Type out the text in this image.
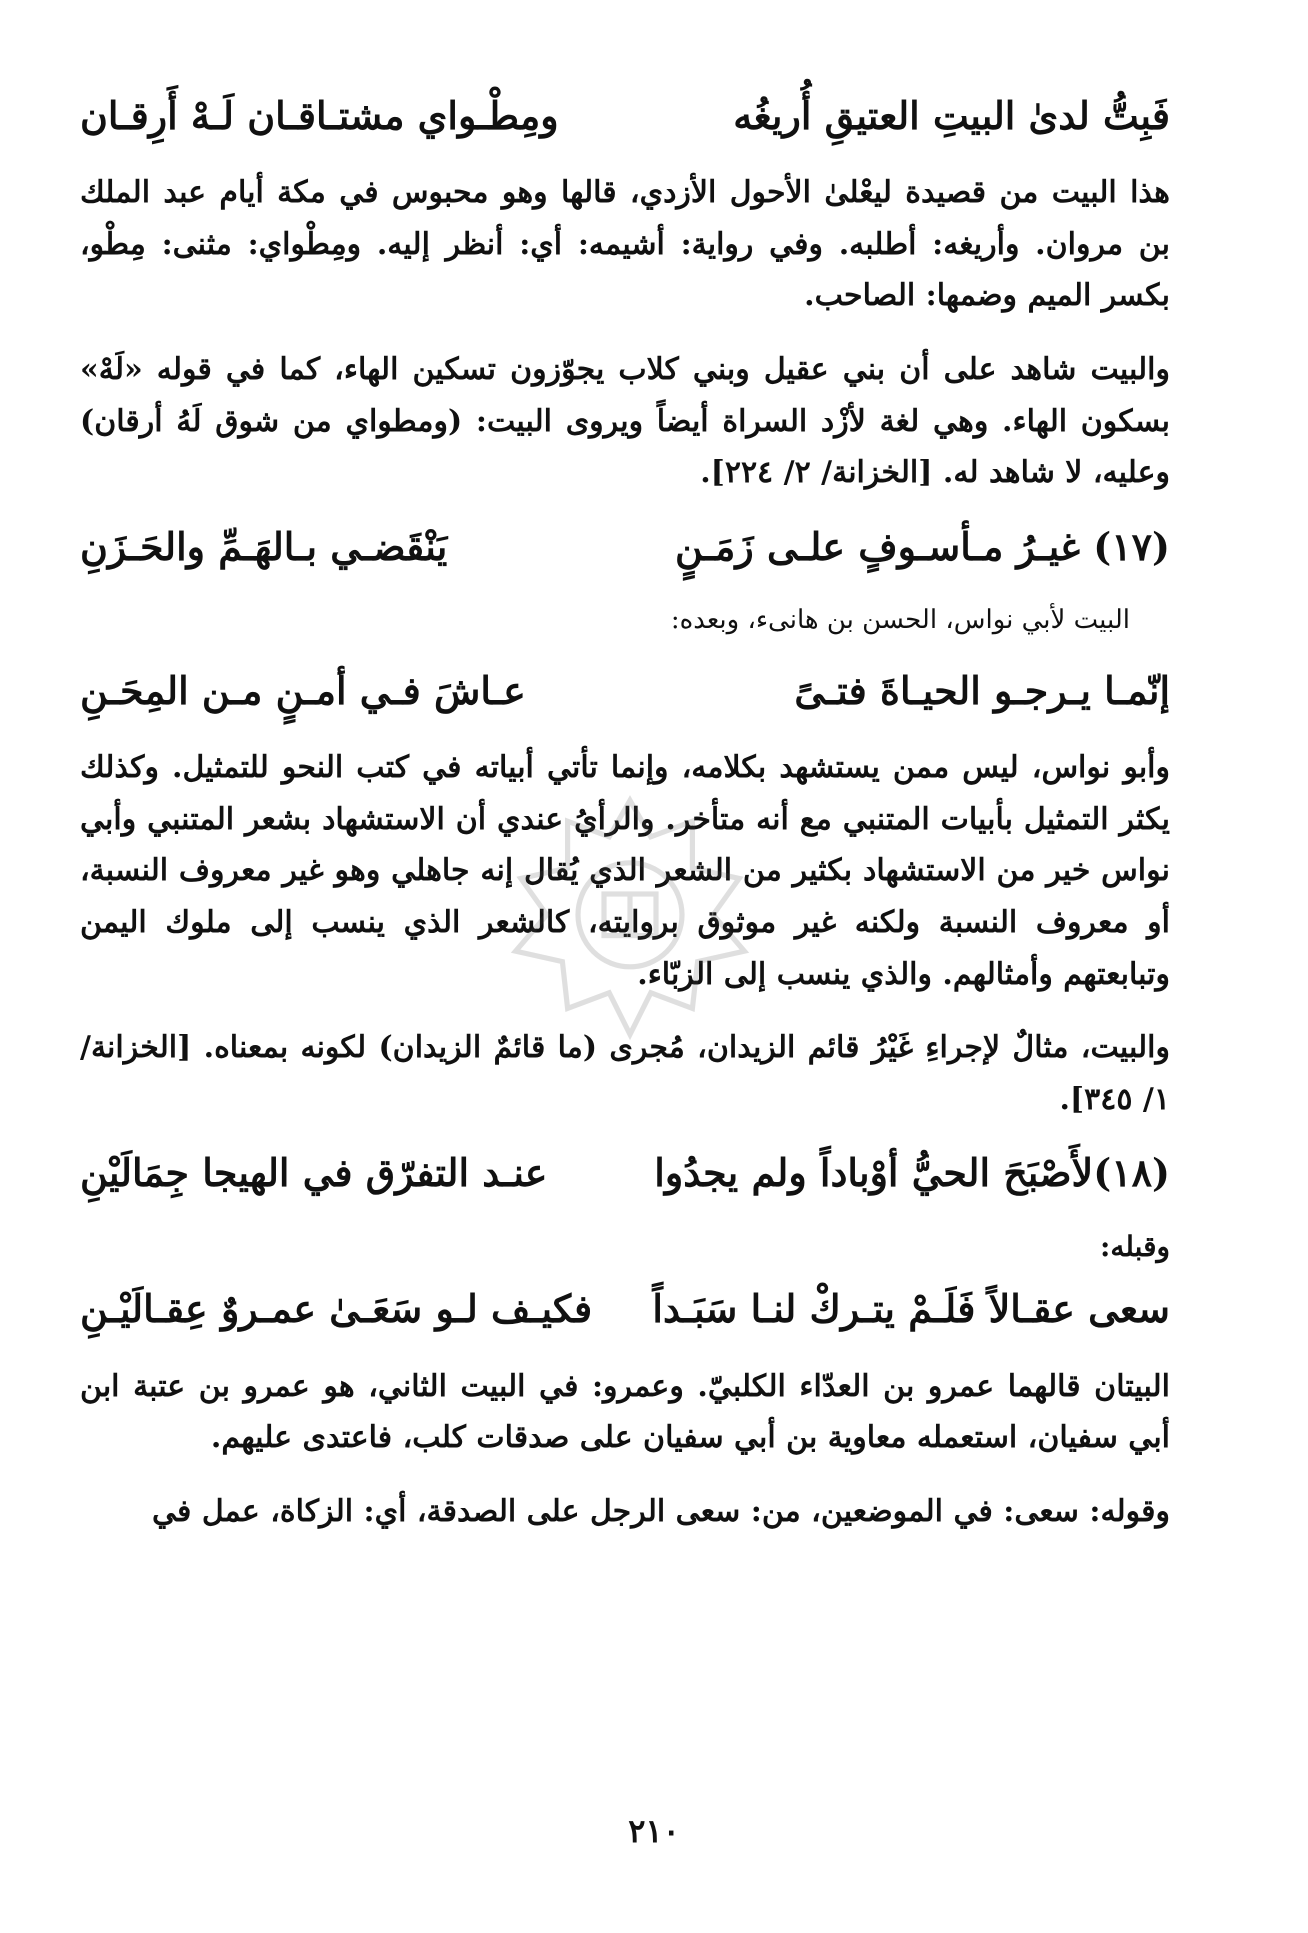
فَبِتُّ لدىٰ البيتِ العتيقِ أُريغُه
ومِطْـواي مشتـاقـان لَـهْ أَرِقـان

هذا البيت من قصيدة ليعْلىٰ الأحول الأزدي، قالها وهو محبوس في مكة أيام عبد الملك بن مروان. وأريغه: أطلبه. وفي رواية: أشيمه: أي: أنظر إليه. ومِطْواي: مثنى: مِطْو، بكسر الميم وضمها: الصاحب.

والبيت شاهد على أن بني عقيل وبني كلاب يجوّزون تسكين الهاء، كما في قوله «لَهْ» بسكون الهاء. وهي لغة لأزْد السراة أيضاً ويروى البيت: (ومطواي من شوق لَهُ أرقان) وعليه، لا شاهد له. [الخزانة/ ٢/ ٢٢٤].

(١٧) غيـرُ مـأسـوفٍ علـى زَمَـنٍ
يَنْقَضـي بـالهَـمِّ والحَـزَنِ

البيت لأبي نواس، الحسن بن هانىء، وبعده:

إنّمـا يـرجـو الحيـاةَ فتـىً
عـاشَ فـي أمـنٍ مـن المِحَـنِ

وأبو نواس، ليس ممن يستشهد بكلامه، وإنما تأتي أبياته في كتب النحو للتمثيل. وكذلك يكثر التمثيل بأبيات المتنبي مع أنه متأخر. والرأيُ عندي أن الاستشهاد بشعر المتنبي وأبي نواس خير من الاستشهاد بكثير من الشعر الذي يُقال إنه جاهلي وهو غير معروف النسبة، أو معروف النسبة ولكنه غير موثوق بروايته، كالشعر الذي ينسب إلى ملوك اليمن وتبابعتهم وأمثالهم. والذي ينسب إلى الزبّاء.

والبيت، مثالٌ لإجراءِ غَيْرُ قائم الزيدان، مُجرى (ما قائمٌ الزيدان) لكونه بمعناه. [الخزانة/ ١/ ٣٤٥].

(١٨)لأَصْبَحَ الحيُّ أوْباداً ولم يجدُوا
عنـد التفرّق في الهيجا جِمَالَيْنِ
وقبله:
سعى عقـالاً فَلَـمْ يتـركْ لنـا سَبَـداً
فكيـف لـو سَعَـىٰ عمـروٌ عِقـالَيْـنِ

البيتان قالهما عمرو بن العدّاء الكلبيّ. وعمرو: في البيت الثاني، هو عمرو بن عتبة ابن أبي سفيان، استعمله معاوية بن أبي سفيان على صدقات كلب، فاعتدى عليهم.

وقوله: سعى: في الموضعين، من: سعى الرجل على الصدقة، أي: الزكاة، عمل في

٢١٠
